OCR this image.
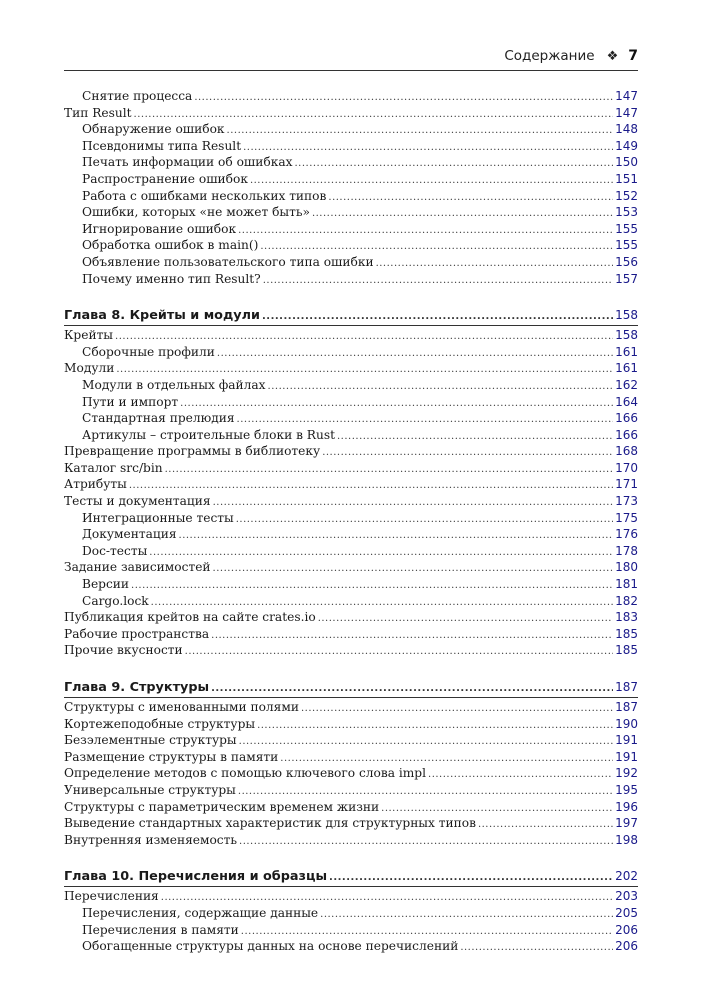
Содержание ❖ 7
Снятие процесса .....	147
Тип Result .....	147
Обнаружение ошибок .....	148
Псевдонимы типа Result .....	149
Печать информации об ошибках .....	150
Распространение ошибок .....	151
Работа с ошибками нескольких типов .....	152
Ошибки, которых «не может быть» .....	153
Игнорирование ошибок .....	155
Обработка ошибок в main() .....	155
Объявление пользовательского типа ошибки .....	156
Почему именно тип Result? .....	157
Глава 8. Крейты и модули .....	158
Крейты .....	158
Сборочные профили .....	161
Модули .....	161
Модули в отдельных файлах .....	162
Пути и импорт .....	164
Стандартная прелюдия .....	166
Артикулы – строительные блоки в Rust .....	166
Превращение программы в библиотеку .....	168
Каталог src/bin .....	170
Атрибуты .....	171
Тесты и документация .....	173
Интеграционные тесты .....	175
Документация .....	176
Doc-тесты .....	178
Задание зависимостей .....	180
Версии .....	181
Cargo.lock .....	182
Публикация крейтов на сайте crates.io .....	183
Рабочие пространства .....	185
Прочие вкусности .....	185
Глава 9. Структуры .....	187
Структуры с именованными полями .....	187
Кортежеподобные структуры .....	190
Безэлементные структуры .....	191
Размещение структуры в памяти .....	191
Определение методов с помощью ключевого слова impl .....	192
Универсальные структуры .....	195
Структуры с параметрическим временем жизни .....	196
Выведение стандартных характеристик для структурных типов .....	197
Внутренняя изменяемость .....	198
Глава 10. Перечисления и образцы .....	202
Перечисления .....	203
Перечисления, содержащие данные .....	205
Перечисления в памяти .....	206
Обогащенные структуры данных на основе перечислений .....	206
